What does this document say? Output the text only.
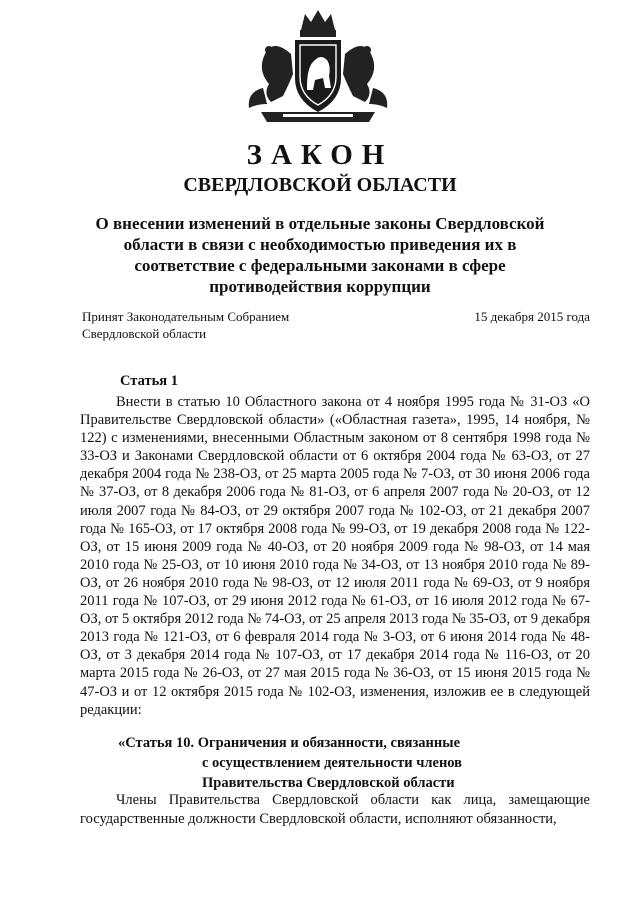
ЗАКОН
СВЕРДЛОВСКОЙ ОБЛАСТИ
О внесении изменений в отдельные законы Свердловской области в связи с необходимостью приведения их в соответствие с федеральными законами в сфере противодействия коррупции
Принят Законодательным Собранием Свердловской области
15 декабря 2015 года
Статья 1

Внести в статью 10 Областного закона от 4 ноября 1995 года № 31-ОЗ «О Правительстве Свердловской области» («Областная газета», 1995, 14 ноября, № 122) с изменениями, внесенными Областным законом от 8 сентября 1998 года № 33-ОЗ и Законами Свердловской области от 6 октября 2004 года № 63-ОЗ, от 27 декабря 2004 года № 238-ОЗ, от 25 марта 2005 года № 7-ОЗ, от 30 июня 2006 года № 37-ОЗ, от 8 декабря 2006 года № 81-ОЗ, от 6 апреля 2007 года № 20-ОЗ, от 12 июля 2007 года № 84-ОЗ, от 29 октября 2007 года № 102-ОЗ, от 21 декабря 2007 года № 165-ОЗ, от 17 октября 2008 года № 99-ОЗ, от 19 декабря 2008 года № 122-ОЗ, от 15 июня 2009 года № 40-ОЗ, от 20 ноября 2009 года № 98-ОЗ, от 14 мая 2010 года № 25-ОЗ, от 10 июня 2010 года № 34-ОЗ, от 13 ноября 2010 года № 89-ОЗ, от 26 ноября 2010 года № 98-ОЗ, от 12 июля 2011 года № 69-ОЗ, от 9 ноября 2011 года № 107-ОЗ, от 29 июня 2012 года № 61-ОЗ, от 16 июля 2012 года № 67-ОЗ, от 5 октября 2012 года № 74-ОЗ, от 25 апреля 2013 года № 35-ОЗ, от 9 декабря 2013 года № 121-ОЗ, от 6 февраля 2014 года № 3-ОЗ, от 6 июня 2014 года № 48-ОЗ, от 3 декабря 2014 года № 107-ОЗ, от 17 декабря 2014 года № 116-ОЗ, от 20 марта 2015 года № 26-ОЗ, от 27 мая 2015 года № 36-ОЗ, от 15 июня 2015 года № 47-ОЗ и от 12 октября 2015 года № 102-ОЗ, изменения, изложив ее в следующей редакции:

«Статья 10. Ограничения и обязанности, связанные
с осуществлением деятельности членов
Правительства Свердловской области

Члены Правительства Свердловской области как лица, замещающие государственные должности Свердловской области, исполняют обязанности,
